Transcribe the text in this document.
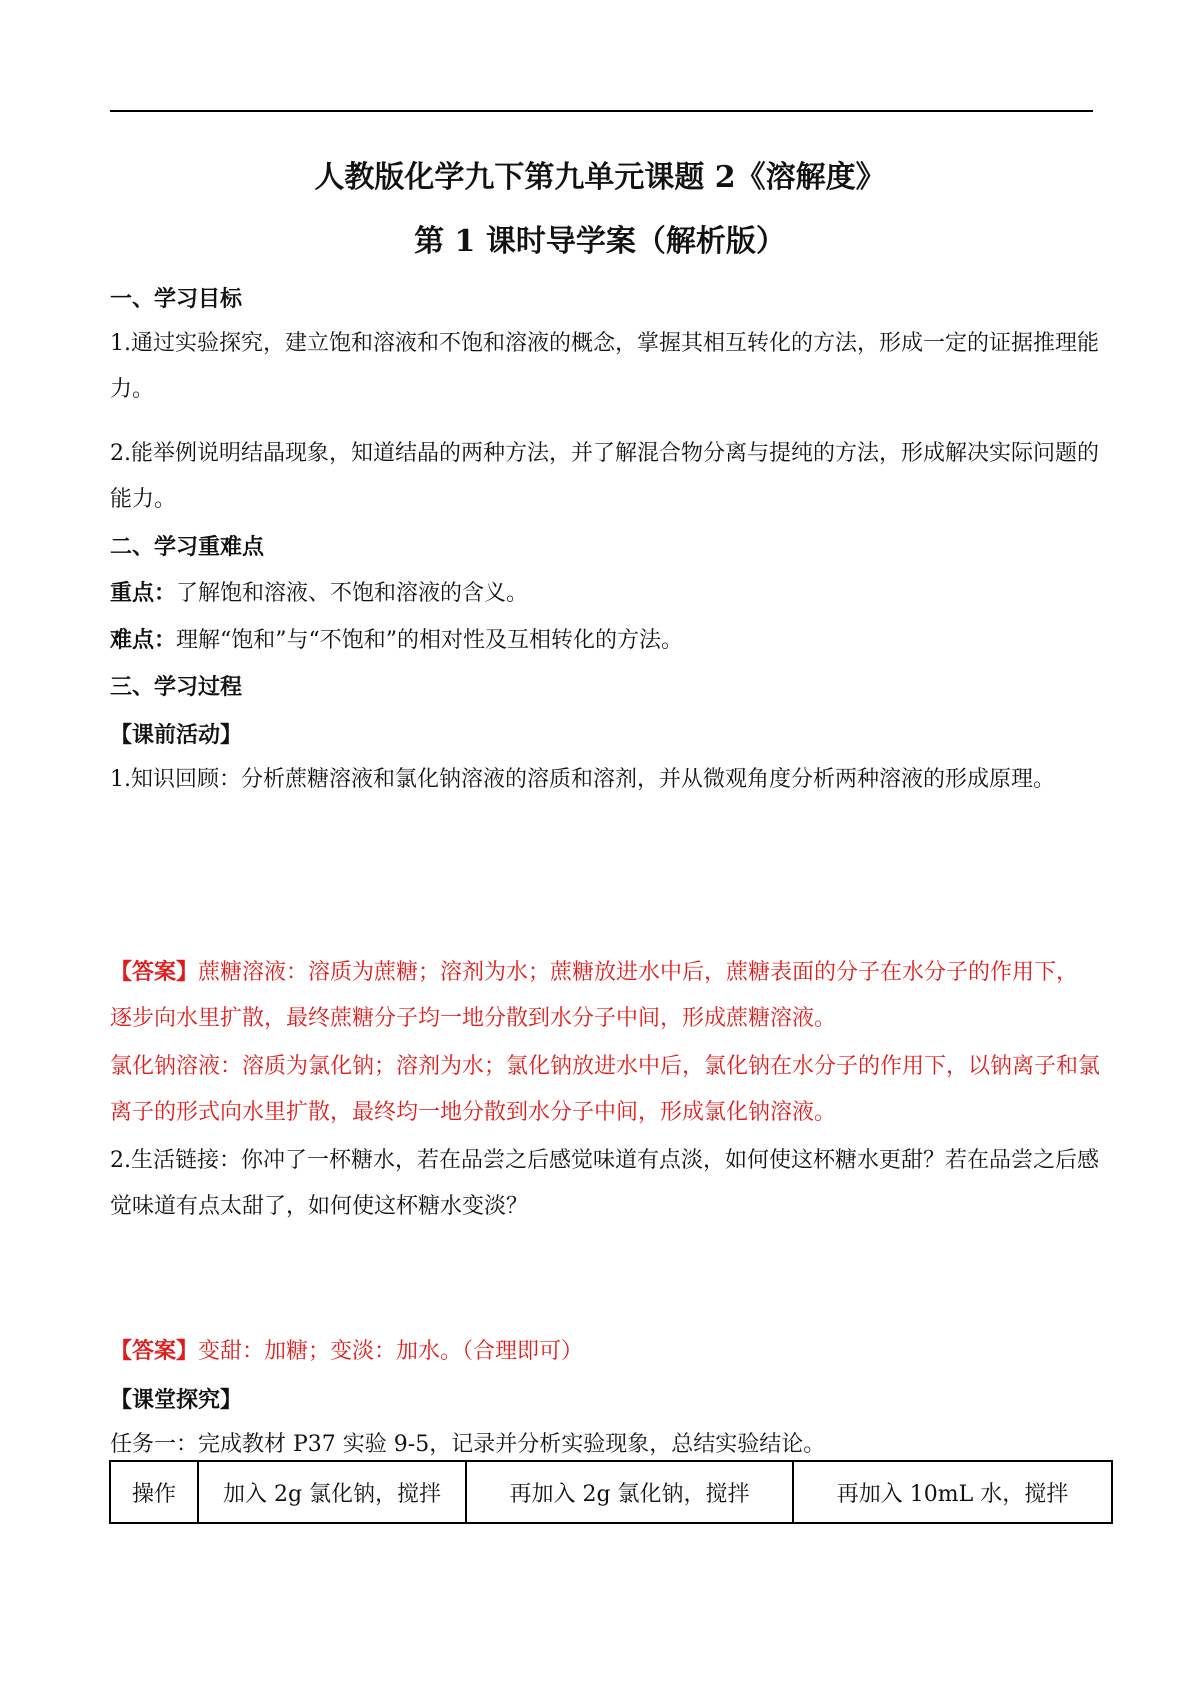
人教版化学九下第九单元课题 2《溶解度》
第 1 课时导学案（解析版）
一、学习目标

1.通过实验探究，建立饱和溶液和不饱和溶液的概念，掌握其相互转化的方法，形成一定的证据推理能力。

2.能举例说明结晶现象，知道结晶的两种方法，并了解混合物分离与提纯的方法，形成解决实际问题的能力。

二、学习重难点

重点：了解饱和溶液、不饱和溶液的含义。

难点：理解“饱和”与“不饱和”的相对性及互相转化的方法。

三、学习过程
【课前活动】

1.知识回顾：分析蔗糖溶液和氯化钠溶液的溶质和溶剂，并从微观角度分析两种溶液的形成原理。

【答案】蔗糖溶液：溶质为蔗糖；溶剂为水；蔗糖放进水中后，蔗糖表面的分子在水分子的作用下，逐步向水里扩散，最终蔗糖分子均一地分散到水分子中间，形成蔗糖溶液。

氯化钠溶液：溶质为氯化钠；溶剂为水；氯化钠放进水中后，氯化钠在水分子的作用下，以钠离子和氯离子的形式向水里扩散，最终均一地分散到水分子中间，形成氯化钠溶液。

2.生活链接：你冲了一杯糖水，若在品尝之后感觉味道有点淡，如何使这杯糖水更甜？若在品尝之后感觉味道有点太甜了，如何使这杯糖水变淡？

【答案】变甜：加糖；变淡：加水。（合理即可）

【课堂探究】

任务一：完成教材 P37 实验 9-5，记录并分析实验现象，总结实验结论。

操作	加入 2g 氯化钠，搅拌	再加入 2g 氯化钠，搅拌	再加入 10mL 水，搅拌
